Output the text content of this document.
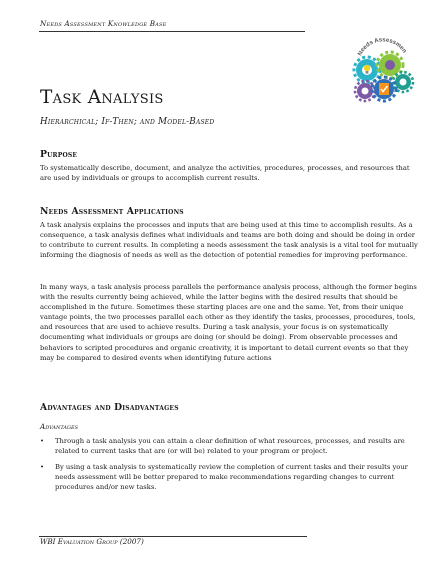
Needs Assessment Knowledge Base
Needs Assessmen
Task Analysis
Hierarchical; If-Then; and Model-Based
Purpose
To systematically describe, document, and analyze the activities, procedures, processes, and resources that are used by individuals or groups to accomplish current results.
Needs Assessment Applications
A task analysis explains the processes and inputs that are being used at this time to accomplish results. As a consequence, a task analysis defines what individuals and teams are both doing and should be doing in order to contribute to current results. In completing a needs assessment the task analysis is a vital tool for mutually informing the diagnosis of needs as well as the detection of potential remedies for improving performance.
In many ways, a task analysis process parallels the performance analysis process, although the former begins with the results currently being achieved, while the latter begins with the desired results that should be accomplished in the future. Sometimes these starting places are one and the same. Yet, from their unique vantage points, the two processes parallel each other as they identify the tasks, processes, procedures, tools, and resources that are used to achieve results. During a task analysis, your focus is on systematically documenting what individuals or groups are doing (or should be doing). From observable processes and behaviors to scripted procedures and organic creativity, it is important to detail current events so that they may be compared to desired events when identifying future actions
Advantages and Disadvantages
Advantages
•	Through a task analysis you can attain a clear definition of what resources, processes, and results are related to current tasks that are (or will be) related to your program or project.
•	By using a task analysis to systematically review the completion of current tasks and their results your needs assessment will be better prepared to make recommendations regarding changes to current procedures and/or new tasks.
WBI Evaluation Group (2007)
